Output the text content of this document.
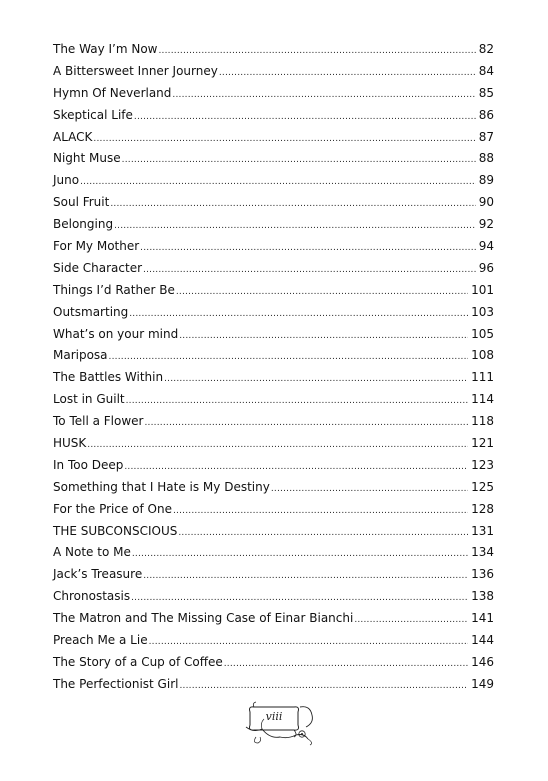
The Way I’m Now .....	82
A Bittersweet Inner Journey .....	84
Hymn Of Neverland .....	85
Skeptical Life .....	86
ALACK .....	87
Night Muse .....	88
Juno .....	89
Soul Fruit .....	90
Belonging .....	92
For My Mother .....	94
Side Character .....	96
Things I’d Rather Be .....	101
Outsmarting .....	103
What’s on your mind .....	105
Mariposa .....	108
The Battles Within .....	111
Lost in Guilt .....	114
To Tell a Flower .....	118
HUSK .....	121
In Too Deep .....	123
Something that I Hate is My Destiny .....	125
For the Price of One .....	128
THE SUBCONSCIOUS .....	131
A Note to Me .....	134
Jack’s Treasure .....	136
Chronostasis .....	138
The Matron and The Missing Case of Einar Bianchi .....	141
Preach Me a Lie .....	144
The Story of a Cup of Coffee .....	146
The Perfectionist Girl .....	149
viii
